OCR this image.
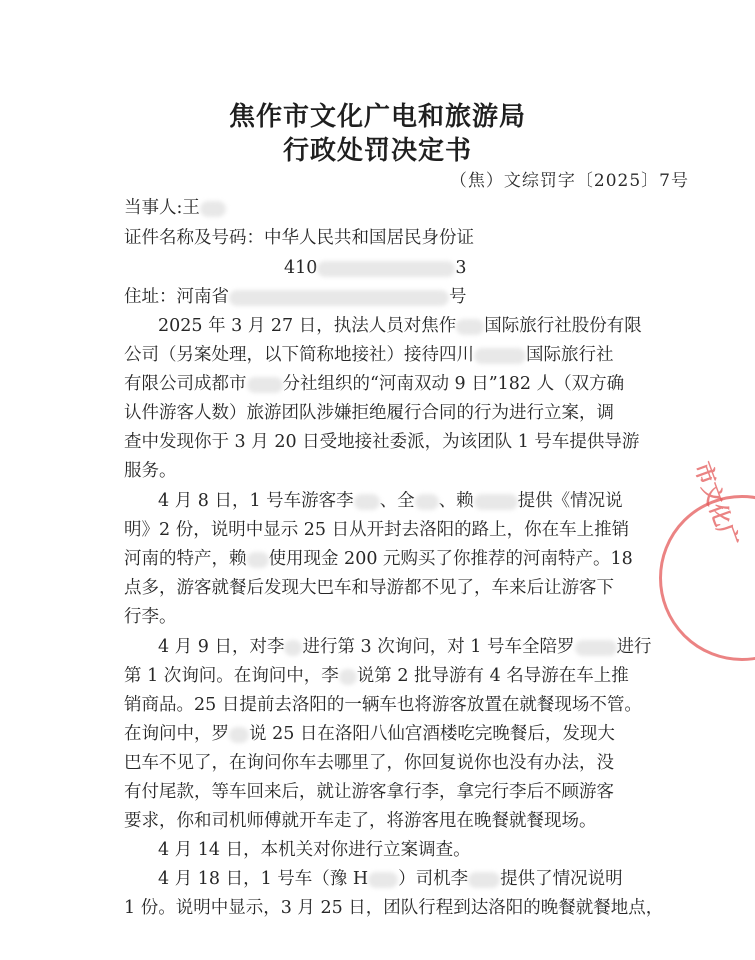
焦作市文化广电和旅游局
行政处罚决定书
（焦）文综罚字〔2025〕7号
当事人:王
证件名称及号码：中华人民共和国居民身份证
410	3
住址：河南省	号
2025 年 3 月 27 日，执法人员对焦作 国际旅行社股份有限
公司（另案处理，以下简称地接社）接待四川	国际旅行社
有限公司成都市 分社组织的“河南双动 9 日”182 人（双方确
认件游客人数）旅游团队涉嫌拒绝履行合同的行为进行立案，调
查中发现你于 3 月 20 日受地接社委派，为该团队 1 号车提供导游
服务。
4 月 8 日，1 号车游客李 、全 、赖	提供《情况说
明》2 份，说明中显示 25 日从开封去洛阳的路上，你在车上推销
河南的特产，赖 使用现金 200 元购买了你推荐的河南特产。18
点多，游客就餐后发现大巴车和导游都不见了，车来后让游客下
行李。
4 月 9 日，对李 进行第 3 次询问，对 1 号车全陪罗 进行
第 1 次询问。在询问中，李 说第 2 批导游有 4 名导游在车上推
销商品。25 日提前去洛阳的一辆车也将游客放置在就餐现场不管。
在询问中，罗 说 25 日在洛阳八仙宫酒楼吃完晚餐后，发现大
巴车不见了，在询问你车去哪里了，你回复说你也没有办法，没
有付尾款，等车回来后，就让游客拿行李，拿完行李后不顾游客
要求，你和司机师傅就开车走了，将游客甩在晚餐就餐现场。
4 月 14 日，本机关对你进行立案调查。
4 月 18 日，1 号车（豫 H ）司机李 提供了情况说明
1 份。说明中显示，3 月 25 日，团队行程到达洛阳的晚餐就餐地点，
市文化广
